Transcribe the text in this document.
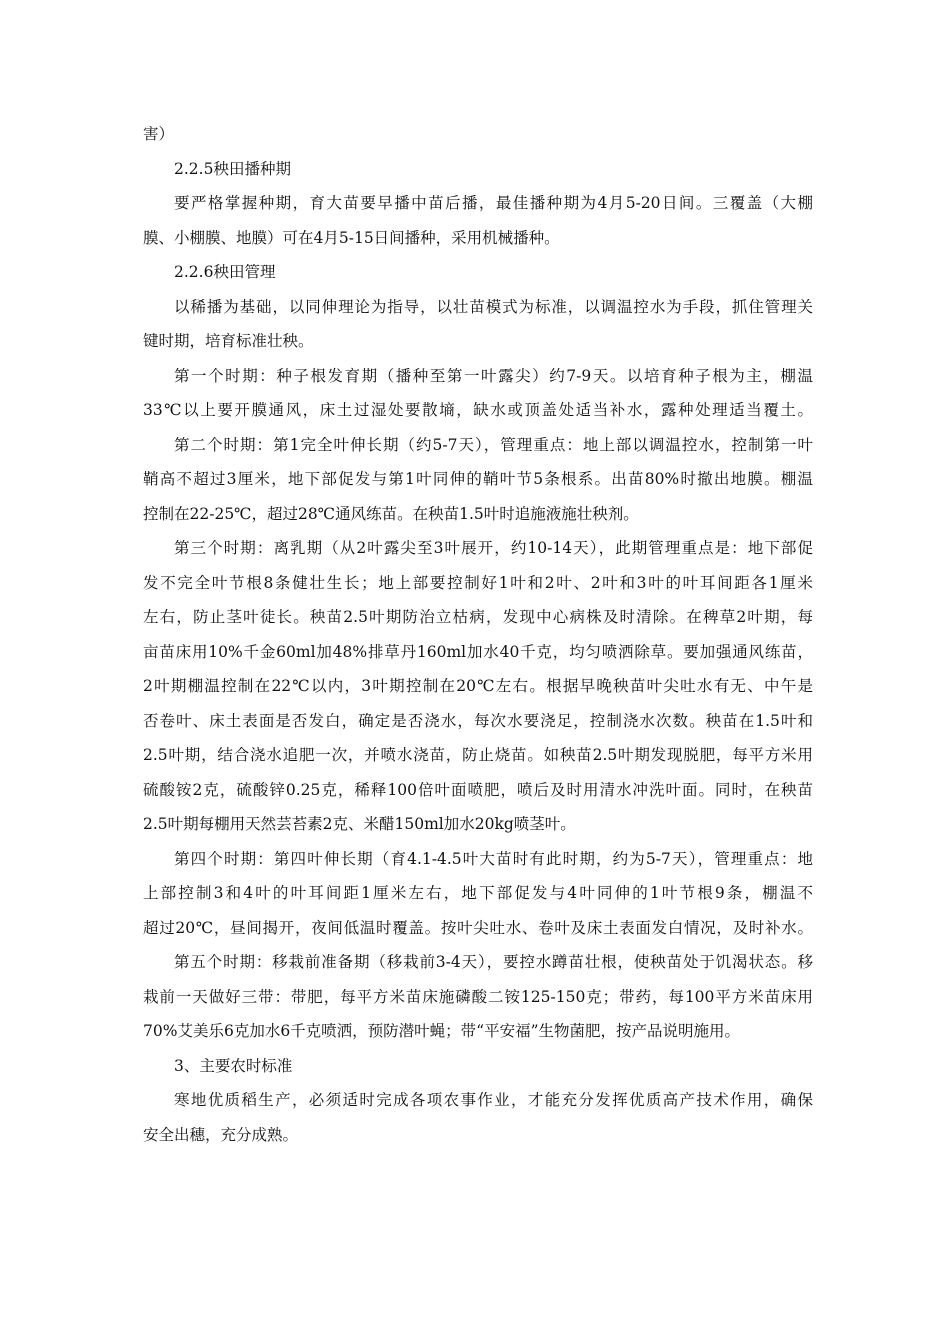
害）
2.2.5秧田播种期
要严格掌握种期，育大苗要早播中苗后播，最佳播种期为4月5-20日间。三覆盖（大棚
膜、小棚膜、地膜）可在4月5-15日间播种，采用机械播种。
2.2.6秧田管理
以稀播为基础，以同伸理论为指导，以壮苗模式为标准，以调温控水为手段，抓住管理关
键时期，培育标准壮秧。
第一个时期：种子根发育期（播种至第一叶露尖）约7-9天。以培育种子根为主，棚温
33℃以上要开膜通风，床土过湿处要散墒，缺水或顶盖处适当补水，露种处理适当覆土。
第二个时期：第1完全叶伸长期（约5-7天），管理重点：地上部以调温控水，控制第一叶
鞘高不超过3厘米，地下部促发与第1叶同伸的鞘叶节5条根系。出苗80%时撤出地膜。棚温
控制在22-25℃，超过28℃通风练苗。在秧苗1.5叶时追施液施壮秧剂。
第三个时期：离乳期（从2叶露尖至3叶展开，约10-14天），此期管理重点是：地下部促
发不完全叶节根8条健壮生长；地上部要控制好1叶和2叶、2叶和3叶的叶耳间距各1厘米
左右，防止茎叶徒长。秧苗2.5叶期防治立枯病，发现中心病株及时清除。在稗草2叶期，每
亩苗床用10%千金60ml加48%排草丹160ml加水40千克，均匀喷洒除草。要加强通风练苗，
2叶期棚温控制在22℃以内，3叶期控制在20℃左右。根据早晚秧苗叶尖吐水有无、中午是
否卷叶、床土表面是否发白，确定是否浇水，每次水要浇足，控制浇水次数。秧苗在1.5叶和
2.5叶期，结合浇水追肥一次，并喷水浇苗，防止烧苗。如秧苗2.5叶期发现脱肥，每平方米用
硫酸铵2克，硫酸锌0.25克，稀释100倍叶面喷肥，喷后及时用清水冲洗叶面。同时，在秧苗
2.5叶期每棚用天然芸苔素2克、米醋150ml加水20kg喷茎叶。
第四个时期：第四叶伸长期（育4.1-4.5叶大苗时有此时期，约为5-7天），管理重点：地
上部控制3和4叶的叶耳间距1厘米左右，地下部促发与4叶同伸的1叶节根9条，棚温不
超过20℃，昼间揭开，夜间低温时覆盖。按叶尖吐水、卷叶及床土表面发白情况，及时补水。
第五个时期：移栽前准备期（移栽前3-4天），要控水蹲苗壮根，使秧苗处于饥渴状态。移
栽前一天做好三带：带肥，每平方米苗床施磷酸二铵125-150克；带药，每100平方米苗床用
70%艾美乐6克加水6千克喷洒，预防潜叶蝇；带“平安福”生物菌肥，按产品说明施用。
3、主要农时标准
寒地优质稻生产，必须适时完成各项农事作业，才能充分发挥优质高产技术作用，确保
安全出穗，充分成熟。
